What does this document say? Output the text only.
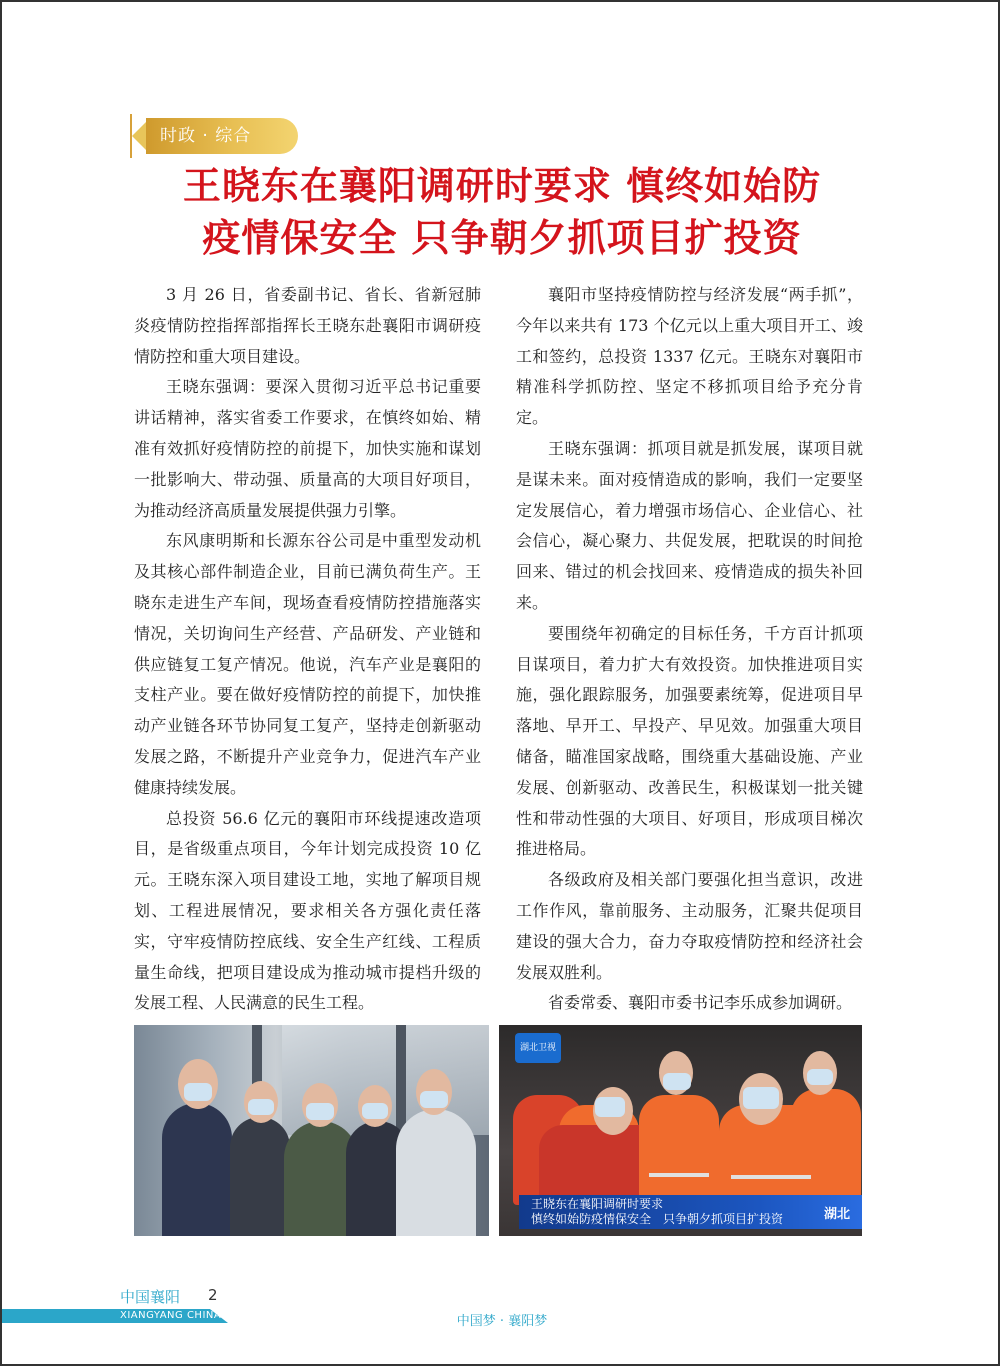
时政 · 综合
王晓东在襄阳调研时要求 慎终如始防
疫情保安全 只争朝夕抓项目扩投资

3 月 26 日，省委副书记、省长、省新冠肺炎疫情防控指挥部指挥长王晓东赴襄阳市调研疫情防控和重大项目建设。

王晓东强调：要深入贯彻习近平总书记重要讲话精神，落实省委工作要求，在慎终如始、精准有效抓好疫情防控的前提下，加快实施和谋划一批影响大、带动强、质量高的大项目好项目，为推动经济高质量发展提供强力引擎。

东风康明斯和长源东谷公司是中重型发动机及其核心部件制造企业，目前已满负荷生产。王晓东走进生产车间，现场查看疫情防控措施落实情况，关切询问生产经营、产品研发、产业链和供应链复工复产情况。他说，汽车产业是襄阳的支柱产业。要在做好疫情防控的前提下，加快推动产业链各环节协同复工复产，坚持走创新驱动发展之路，不断提升产业竞争力，促进汽车产业健康持续发展。

总投资 56.6 亿元的襄阳市环线提速改造项目，是省级重点项目，今年计划完成投资 10 亿元。王晓东深入项目建设工地，实地了解项目规划、工程进展情况，要求相关各方强化责任落实，守牢疫情防控底线、安全生产红线、工程质量生命线，把项目建设成为推动城市提档升级的发展工程、人民满意的民生工程。

襄阳市坚持疫情防控与经济发展“两手抓”，今年以来共有 173 个亿元以上重大项目开工、竣工和签约，总投资 1337 亿元。王晓东对襄阳市精准科学抓防控、坚定不移抓项目给予充分肯定。

王晓东强调：抓项目就是抓发展，谋项目就是谋未来。面对疫情造成的影响，我们一定要坚定发展信心，着力增强市场信心、企业信心、社会信心，凝心聚力、共促发展，把耽误的时间抢回来、错过的机会找回来、疫情造成的损失补回来。

要围绕年初确定的目标任务，千方百计抓项目谋项目，着力扩大有效投资。加快推进项目实施，强化跟踪服务，加强要素统筹，促进项目早落地、早开工、早投产、早见效。加强重大项目储备，瞄准国家战略，围绕重大基础设施、产业发展、创新驱动、改善民生，积极谋划一批关键性和带动性强的大项目、好项目，形成项目梯次推进格局。

各级政府及相关部门要强化担当意识，改进工作作风，靠前服务、主动服务，汇聚共促项目建设的强大合力，奋力夺取疫情防控和经济社会发展双胜利。

省委常委、襄阳市委书记李乐成参加调研。

湖北卫视
王晓东在襄阳调研时要求
慎终如始防疫情保安全　只争朝夕抓项目扩投资	湖北
中国襄阳 2
XIANGYANG CHINA	中国梦 · 襄阳梦
